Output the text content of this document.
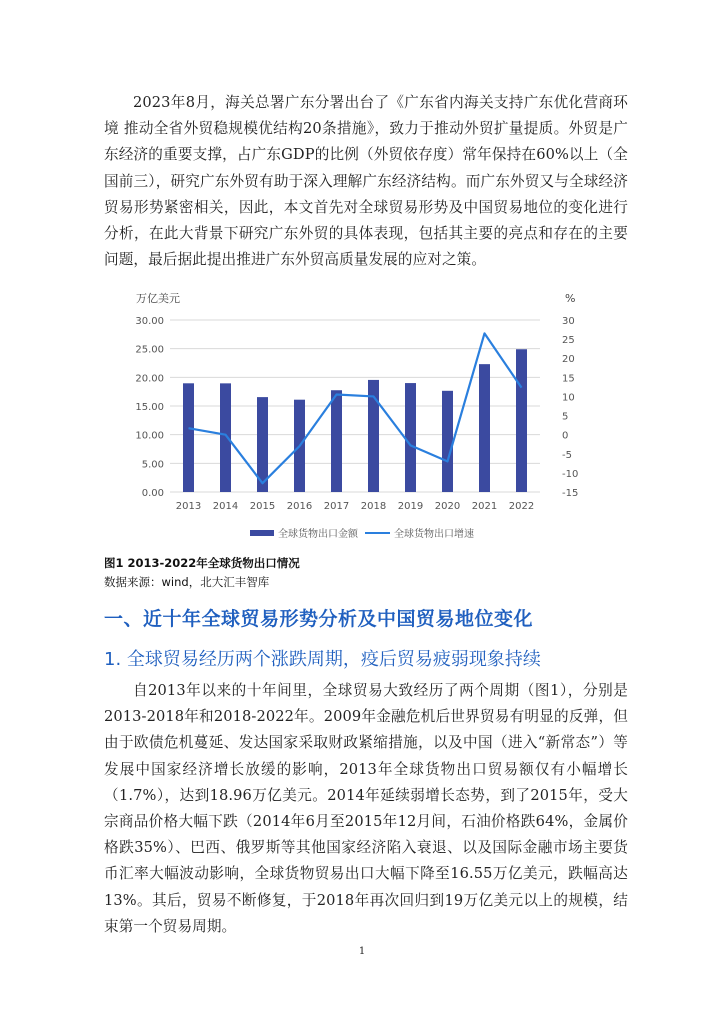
2023年8月，海关总署广东分署出台了《广东省内海关支持广东优化营商环境 推动全省外贸稳规模优结构20条措施》，致力于推动外贸扩量提质。外贸是广东经济的重要支撑，占广东GDP的比例（外贸依存度）常年保持在60%以上（全国前三），研究广东外贸有助于深入理解广东经济结构。而广东外贸又与全球经济贸易形势紧密相关，因此，本文首先对全球贸易形势及中国贸易地位的变化进行分析，在此大背景下研究广东外贸的具体表现，包括其主要的亮点和存在的主要问题，最后据此提出推进广东外贸高质量发展的应对之策。

0.00
5.00
10.00
15.00
20.00
25.00
30.00
-15
-10
-5
0
5
10
15
20
25
30
2013 2014 2015 2016 2017 2018 2019 2020 2021 2022
万亿美元	%
全球货物出口金额	全球货物出口增速

图1 2013-2022年全球货物出口情况

数据来源：wind，北大汇丰智库

一、近十年全球贸易形势分析及中国贸易地位变化
1. 全球贸易经历两个涨跌周期，疫后贸易疲弱现象持续

自2013年以来的十年间里，全球贸易大致经历了两个周期（图1），分别是2013-2018年和2018-2022年。2009年金融危机后世界贸易有明显的反弹，但由于欧债危机蔓延、发达国家采取财政紧缩措施，以及中国（进入“新常态”）等发展中国家经济增长放缓的影响，2013年全球货物出口贸易额仅有小幅增长（1.7%），达到18.96万亿美元。2014年延续弱增长态势，到了2015年，受大宗商品价格大幅下跌（2014年6月至2015年12月间，石油价格跌64%，金属价格跌35%）、巴西、俄罗斯等其他国家经济陷入衰退、以及国际金融市场主要货币汇率大幅波动影响，全球货物贸易出口大幅下降至16.55万亿美元，跌幅高达13%。其后，贸易不断修复，于2018年再次回归到19万亿美元以上的规模，结束第一个贸易周期。

1
